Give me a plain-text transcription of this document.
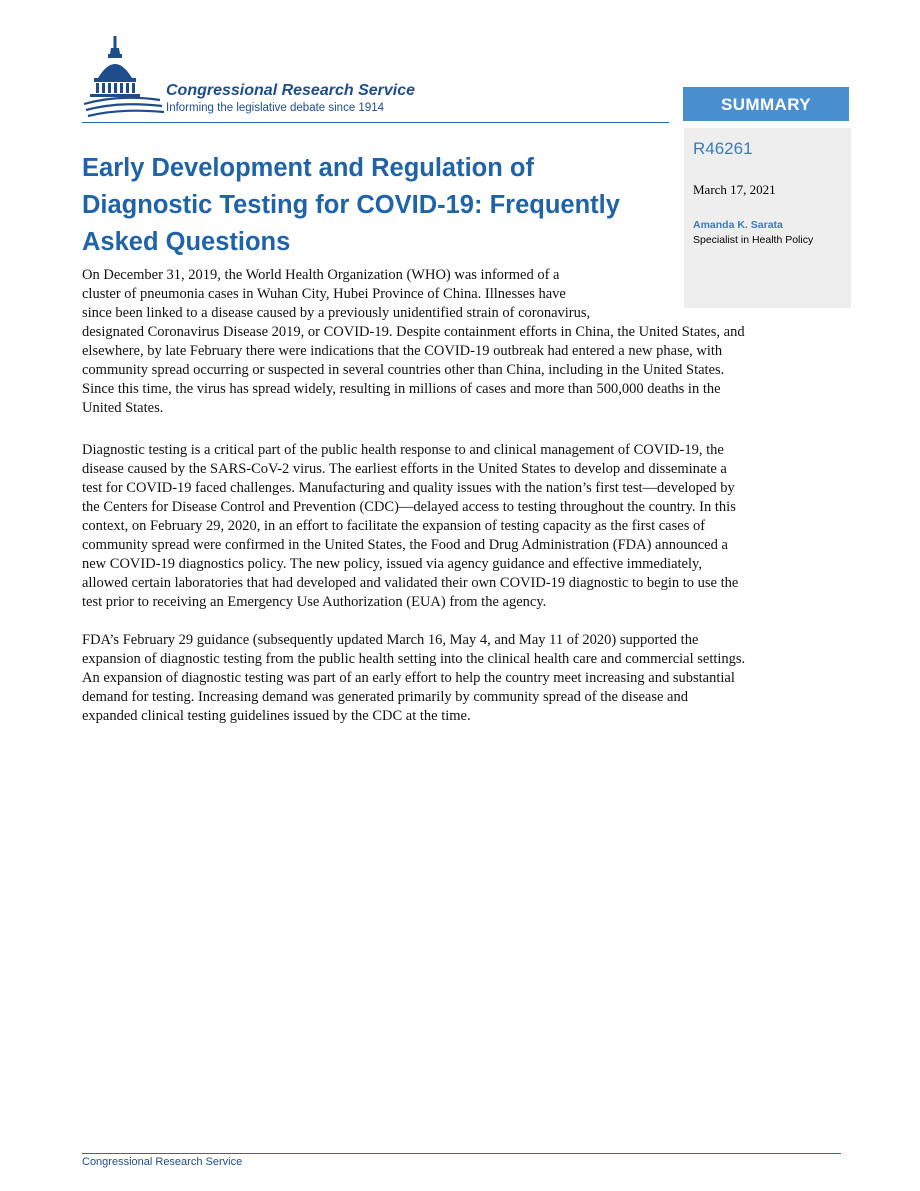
Congressional Research Service
Informing the legislative debate since 1914	SUMMARY
R46261
March 17, 2021
Amanda K. Sarata
Specialist in Health Policy
Early Development and Regulation of
Diagnostic Testing for COVID-19: Frequently
Asked Questions
On December 31, 2019, the World Health Organization (WHO) was informed of a
cluster of pneumonia cases in Wuhan City, Hubei Province of China. Illnesses have
since been linked to a disease caused by a previously unidentified strain of coronavirus,
designated Coronavirus Disease 2019, or COVID-19. Despite containment efforts in China, the United States, and
elsewhere, by late February there were indications that the COVID-19 outbreak had entered a new phase, with
community spread occurring or suspected in several countries other than China, including in the United States.
Since this time, the virus has spread widely, resulting in millions of cases and more than 500,000 deaths in the
United States.
Diagnostic testing is a critical part of the public health response to and clinical management of COVID-19, the
disease caused by the SARS-CoV-2 virus. The earliest efforts in the United States to develop and disseminate a
test for COVID-19 faced challenges. Manufacturing and quality issues with the nation’s first test—developed by
the Centers for Disease Control and Prevention (CDC)—delayed access to testing throughout the country. In this
context, on February 29, 2020, in an effort to facilitate the expansion of testing capacity as the first cases of
community spread were confirmed in the United States, the Food and Drug Administration (FDA) announced a
new COVID-19 diagnostics policy. The new policy, issued via agency guidance and effective immediately,
allowed certain laboratories that had developed and validated their own COVID-19 diagnostic to begin to use the
test prior to receiving an Emergency Use Authorization (EUA) from the agency.
FDA’s February 29 guidance (subsequently updated March 16, May 4, and May 11 of 2020) supported the
expansion of diagnostic testing from the public health setting into the clinical health care and commercial settings.
An expansion of diagnostic testing was part of an early effort to help the country meet increasing and substantial
demand for testing. Increasing demand was generated primarily by community spread of the disease and
expanded clinical testing guidelines issued by the CDC at the time.
Congressional Research Service
